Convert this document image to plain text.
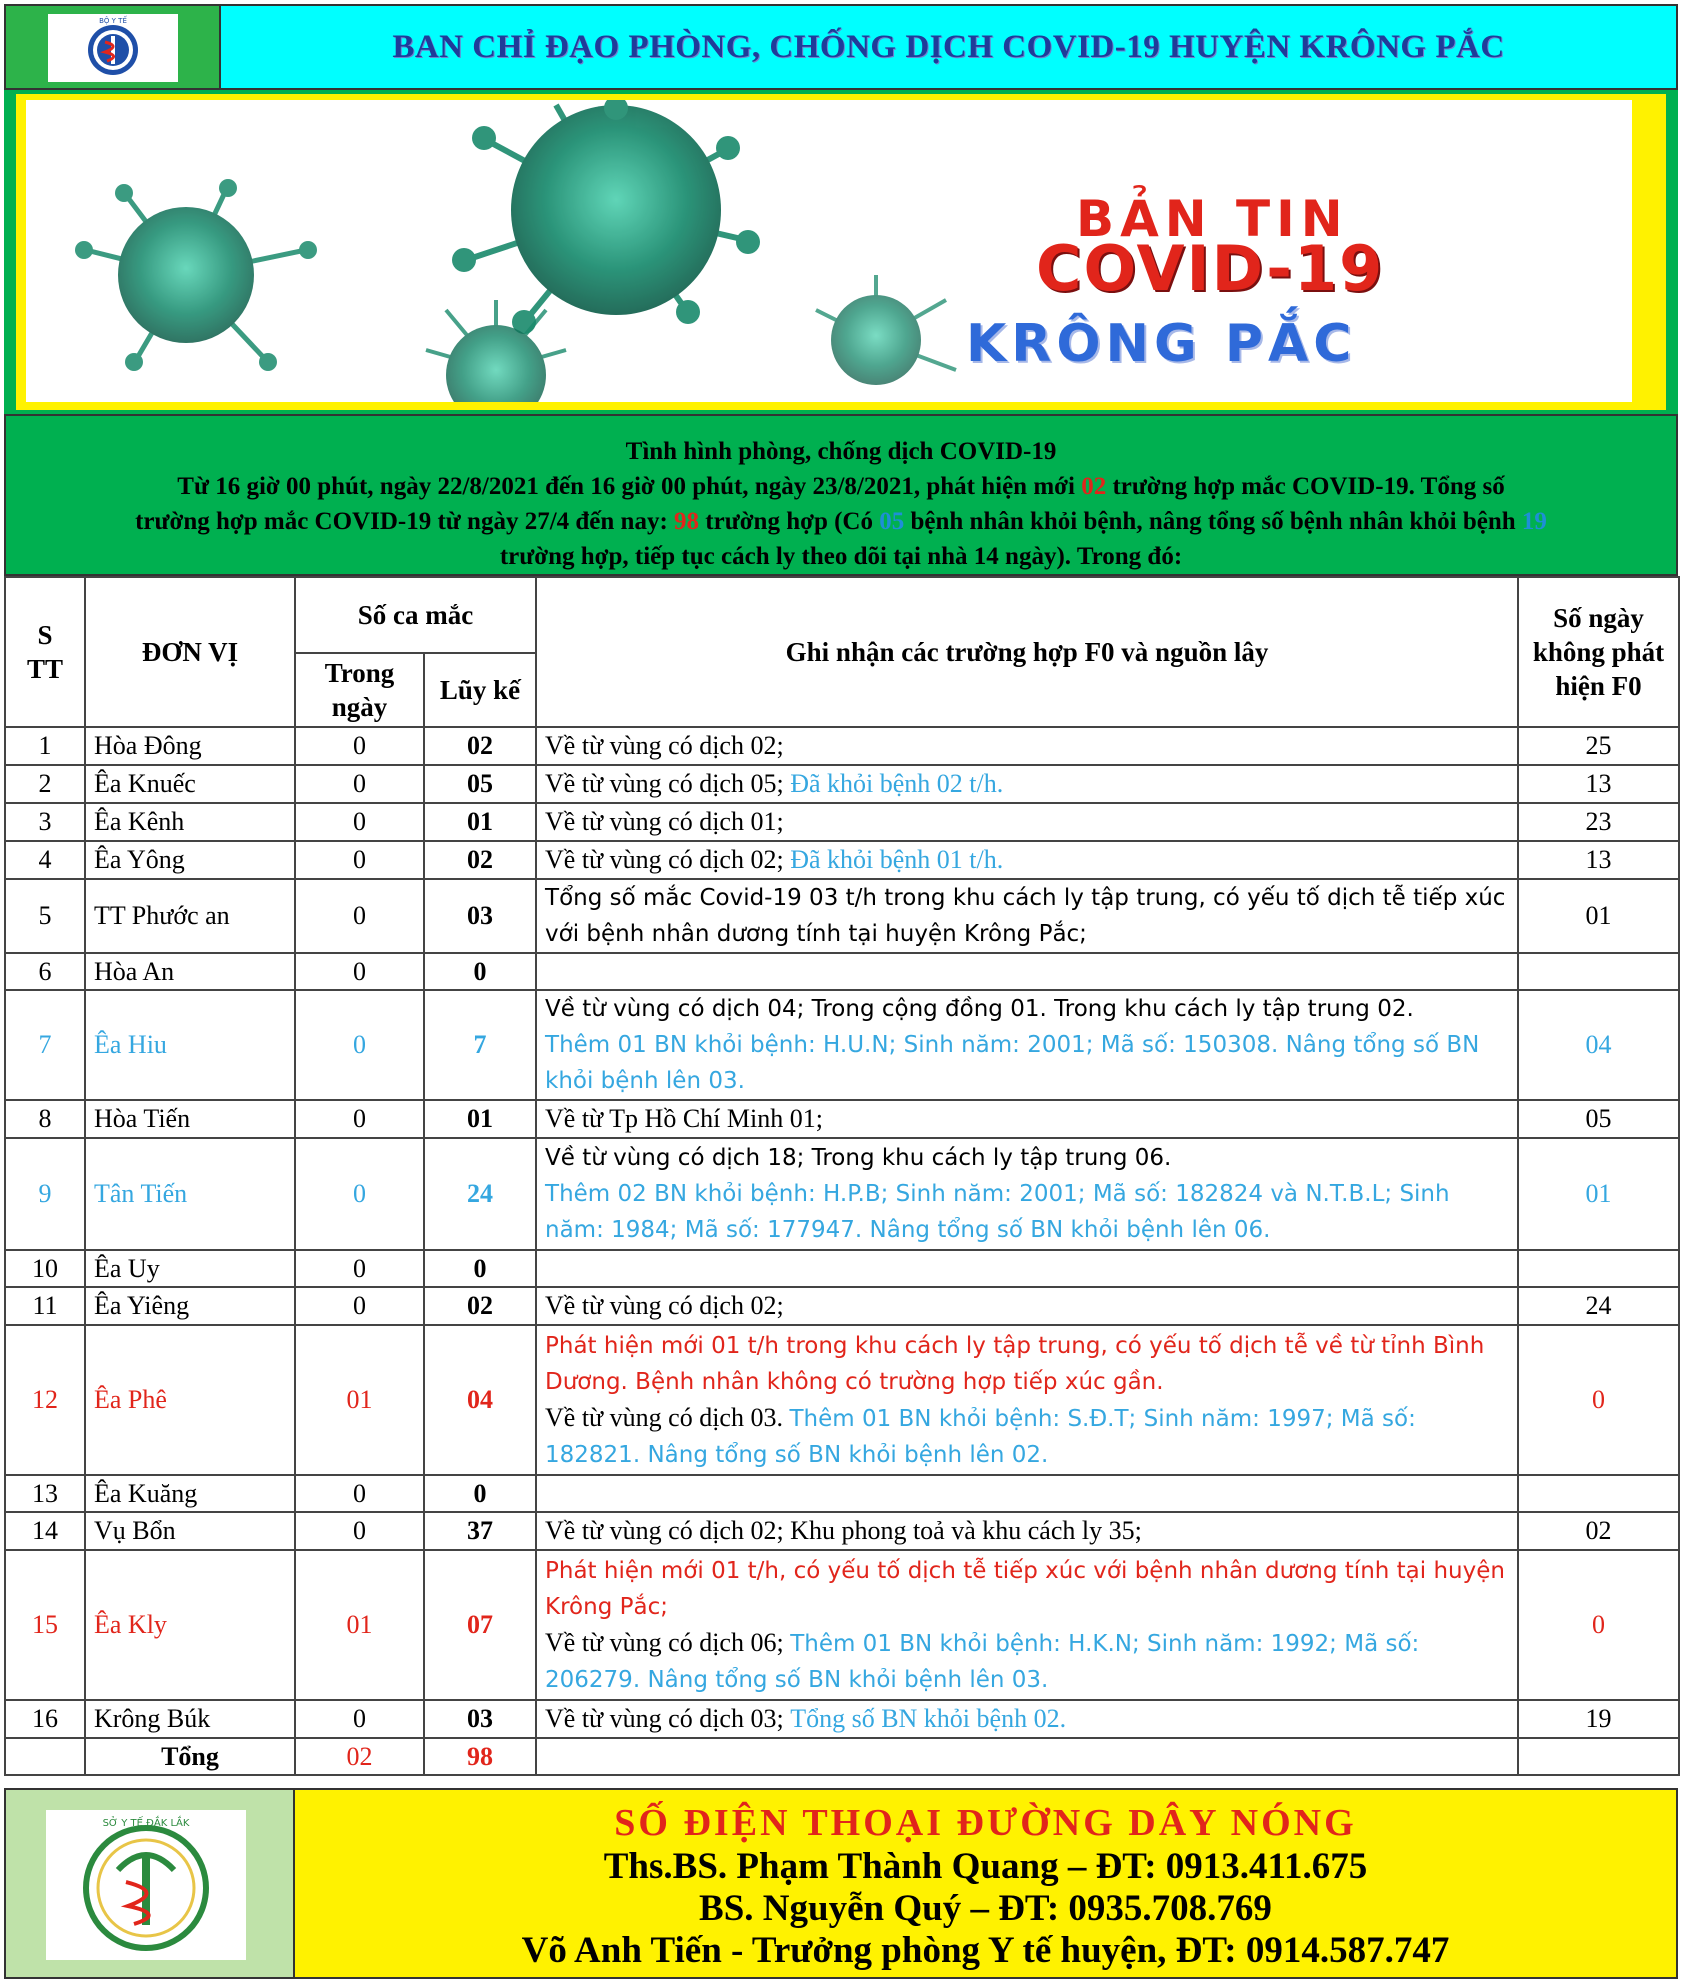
BỘ Y TẾ
BAN CHỈ ĐẠO PHÒNG, CHỐNG DỊCH COVID-19 HUYỆN KRÔNG PẮC
BẢN TIN
COVID-19
KRÔNG PẮC

Tình hình phòng, chống dịch COVID-19

Từ 16 giờ 00 phút, ngày 22/8/2021 đến 16 giờ 00 phút, ngày 23/8/2021, phát hiện mới 02 trường hợp mắc COVID-19. Tổng số

trường hợp mắc COVID-19 từ ngày 27/4 đến nay: 98 trường hợp (Có 05 bệnh nhân khỏi bệnh, nâng tổng số bệnh nhân khỏi bệnh 19

trường hợp, tiếp tục cách ly theo dõi tại nhà 14 ngày). Trong đó:

S
TT	ĐƠN VỊ	Số ca mắc		Ghi nhận các trường hợp F0 và nguồn lây	Số ngày không phát hiện F0
		Trong ngày	Lũy kế		
1	Hòa Đông	0	02	Về từ vùng có dịch 02;	25
2	Êa Knuếc	0	05	Về từ vùng có dịch 05; Đã khỏi bệnh 02 t/h.	13
3	Êa Kênh	0	01	Về từ vùng có dịch 01;	23
4	Êa Yông	0	02	Về từ vùng có dịch 02; Đã khỏi bệnh 01 t/h.	13
5	TT Phước an	0	03	Tổng số mắc Covid-19 03 t/h trong khu cách ly tập trung, có yếu tố dịch tễ tiếp xúc với bệnh nhân dương tính tại huyện Krông Pắc;	01
6	Hòa An	0	0		
7	Êa Hiu	0	7	Về từ vùng có dịch 04; Trong cộng đồng 01. Trong khu cách ly tập trung 02.
Thêm 01 BN khỏi bệnh: H.U.N; Sinh năm: 2001; Mã số: 150308. Nâng tổng số BN khỏi bệnh lên 03.	04
8	Hòa Tiến	0	01	Về từ Tp Hồ Chí Minh 01;	05
9	Tân Tiến	0	24	Về từ vùng có dịch 18; Trong khu cách ly tập trung 06.
Thêm 02 BN khỏi bệnh: H.P.B; Sinh năm: 2001; Mã số: 182824 và N.T.B.L; Sinh năm: 1984; Mã số: 177947. Nâng tổng số BN khỏi bệnh lên 06.	01
10	Êa Uy	0	0		
11	Êa Yiêng	0	02	Về từ vùng có dịch 02;	24
12	Êa Phê	01	04	Phát hiện mới 01 t/h trong khu cách ly tập trung, có yếu tố dịch tễ về từ tỉnh Bình Dương. Bệnh nhân không có trường hợp tiếp xúc gần.
Về từ vùng có dịch 03. Thêm 01 BN khỏi bệnh: S.Đ.T; Sinh năm: 1997; Mã số: 182821. Nâng tổng số BN khỏi bệnh lên 02.	0
13	Êa Kuăng	0	0		
14	Vụ Bổn	0	37	Về từ vùng có dịch 02; Khu phong toả và khu cách ly 35;	02
15	Êa Kly	01	07	Phát hiện mới 01 t/h, có yếu tố dịch tễ tiếp xúc với bệnh nhân dương tính tại huyện Krông Pắc;
Về từ vùng có dịch 06; Thêm 01 BN khỏi bệnh: H.K.N; Sinh năm: 1992; Mã số: 206279. Nâng tổng số BN khỏi bệnh lên 03.	0
16	Krông Búk	0	03	Về từ vùng có dịch 03; Tổng số BN khỏi bệnh 02.	19
	Tổng	02	98		
SỞ Y TẾ ĐẮK LẮK	SỐ ĐIỆN THOẠI ĐƯỜNG DÂY NÓNG
Ths.BS. Phạm Thành Quang – ĐT: 0913.411.675
BS. Nguyễn Quý – ĐT: 0935.708.769
Võ Anh Tiến - Trưởng phòng Y tế huyện, ĐT: 0914.587.747
